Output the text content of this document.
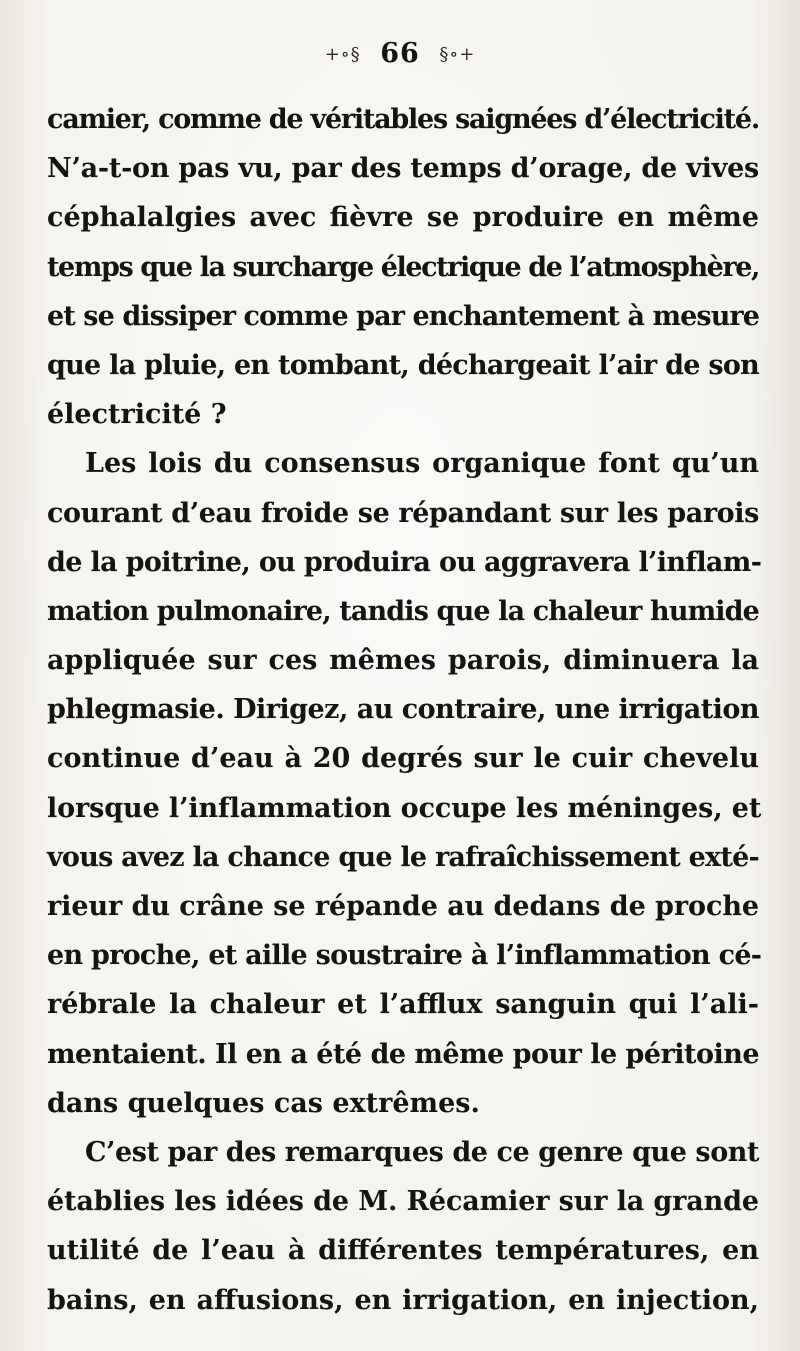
+∘§ 66 §∘+
camier, comme de véritables saignées d’électricité.
N’a-t-on pas vu, par des temps d’orage, de vives
céphalalgies avec fièvre se produire en même
temps que la surcharge électrique de l’atmosphère,
et se dissiper comme par enchantement à mesure
que la pluie, en tombant, déchargeait l’air de son
électricité ?
Les lois du consensus organique font qu’un
courant d’eau froide se répandant sur les parois
de la poitrine, ou produira ou aggravera l’inflam-
mation pulmonaire, tandis que la chaleur humide
appliquée sur ces mêmes parois, diminuera la
phlegmasie. Dirigez, au contraire, une irrigation
continue d’eau à 20 degrés sur le cuir chevelu
lorsque l’inflammation occupe les méninges, et
vous avez la chance que le rafraîchissement exté-
rieur du crâne se répande au dedans de proche
en proche, et aille soustraire à l’inflammation cé-
rébrale la chaleur et l’afflux sanguin qui l’ali-
mentaient. Il en a été de même pour le péritoine
dans quelques cas extrêmes.
C’est par des remarques de ce genre que sont
établies les idées de M. Récamier sur la grande
utilité de l’eau à différentes températures, en
bains, en affusions, en irrigation, en injection,
